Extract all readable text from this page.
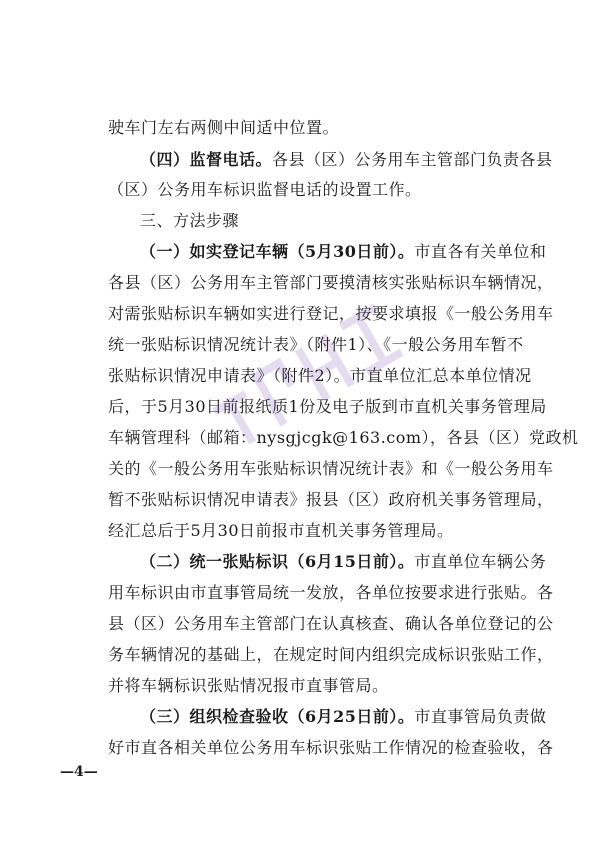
驶车门左右两侧中间适中位置。
（四）监督电话。各县（区）公务用车主管部门负责各县
（区）公务用车标识监督电话的设置工作。
三、方法步骤
（一）如实登记车辆（5月30日前）。市直各有关单位和
各县（区）公务用车主管部门要摸清核实张贴标识车辆情况，
对需张贴标识车辆如实进行登记，按要求填报《一般公务用车
统一张贴标识情况统计表》（附件1）、《一般公务用车暂不
张贴标识情况申请表》（附件2）。市直单位汇总本单位情况
后，于5月30日前报纸质1份及电子版到市直机关事务管理局
车辆管理科（邮箱：nysgjcgk@163.com），各县（区）党政机
关的《一般公务用车张贴标识情况统计表》和《一般公务用车
暂不张贴标识情况申请表》报县（区）政府机关事务管理局，
经汇总后于5月30日前报市直机关事务管理局。
（二）统一张贴标识（6月15日前）。市直单位车辆公务
用车标识由市直事管局统一发放，各单位按要求进行张贴。各
县（区）公务用车主管部门在认真核查、确认各单位登记的公
务车辆情况的基础上，在规定时间内组织完成标识张贴工作，
并将车辆标识张贴情况报市直事管局。
（三）组织检查验收（6月25日前）。市直事管局负责做
好市直各相关单位公务用车标识张贴工作情况的检查验收，各
—4—
